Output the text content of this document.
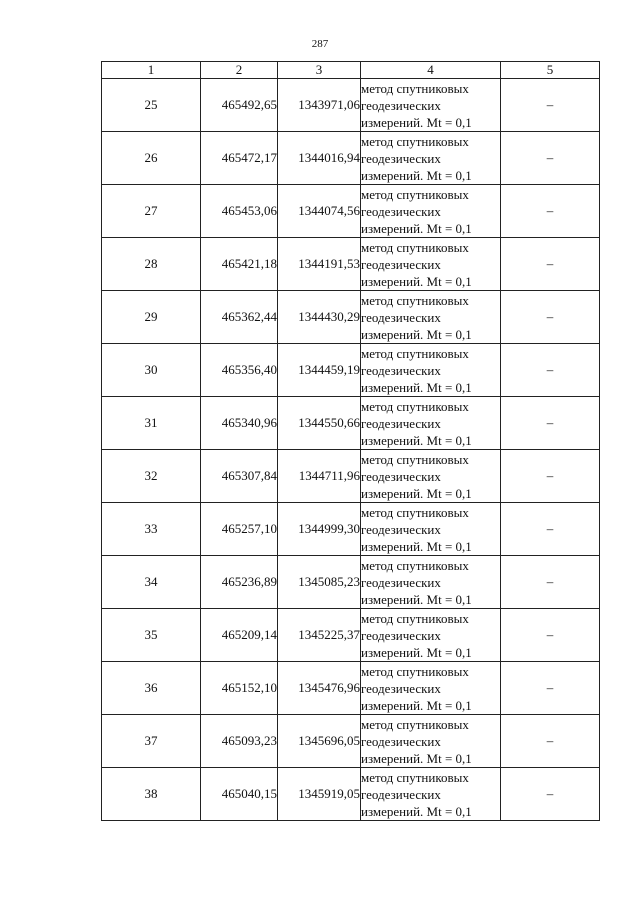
287
1	2	3	4	5
25	465492,65	1343971,06	метод спутниковых
геодезических
измерений. Mt = 0,1	–
26	465472,17	1344016,94	метод спутниковых
геодезических
измерений. Mt = 0,1	–
27	465453,06	1344074,56	метод спутниковых
геодезических
измерений. Mt = 0,1	–
28	465421,18	1344191,53	метод спутниковых
геодезических
измерений. Mt = 0,1	–
29	465362,44	1344430,29	метод спутниковых
геодезических
измерений. Mt = 0,1	–
30	465356,40	1344459,19	метод спутниковых
геодезических
измерений. Mt = 0,1	–
31	465340,96	1344550,66	метод спутниковых
геодезических
измерений. Mt = 0,1	–
32	465307,84	1344711,96	метод спутниковых
геодезических
измерений. Mt = 0,1	–
33	465257,10	1344999,30	метод спутниковых
геодезических
измерений. Mt = 0,1	–
34	465236,89	1345085,23	метод спутниковых
геодезических
измерений. Mt = 0,1	–
35	465209,14	1345225,37	метод спутниковых
геодезических
измерений. Mt = 0,1	–
36	465152,10	1345476,96	метод спутниковых
геодезических
измерений. Mt = 0,1	–
37	465093,23	1345696,05	метод спутниковых
геодезических
измерений. Mt = 0,1	–
38	465040,15	1345919,05	метод спутниковых
геодезических
измерений. Mt = 0,1	–
